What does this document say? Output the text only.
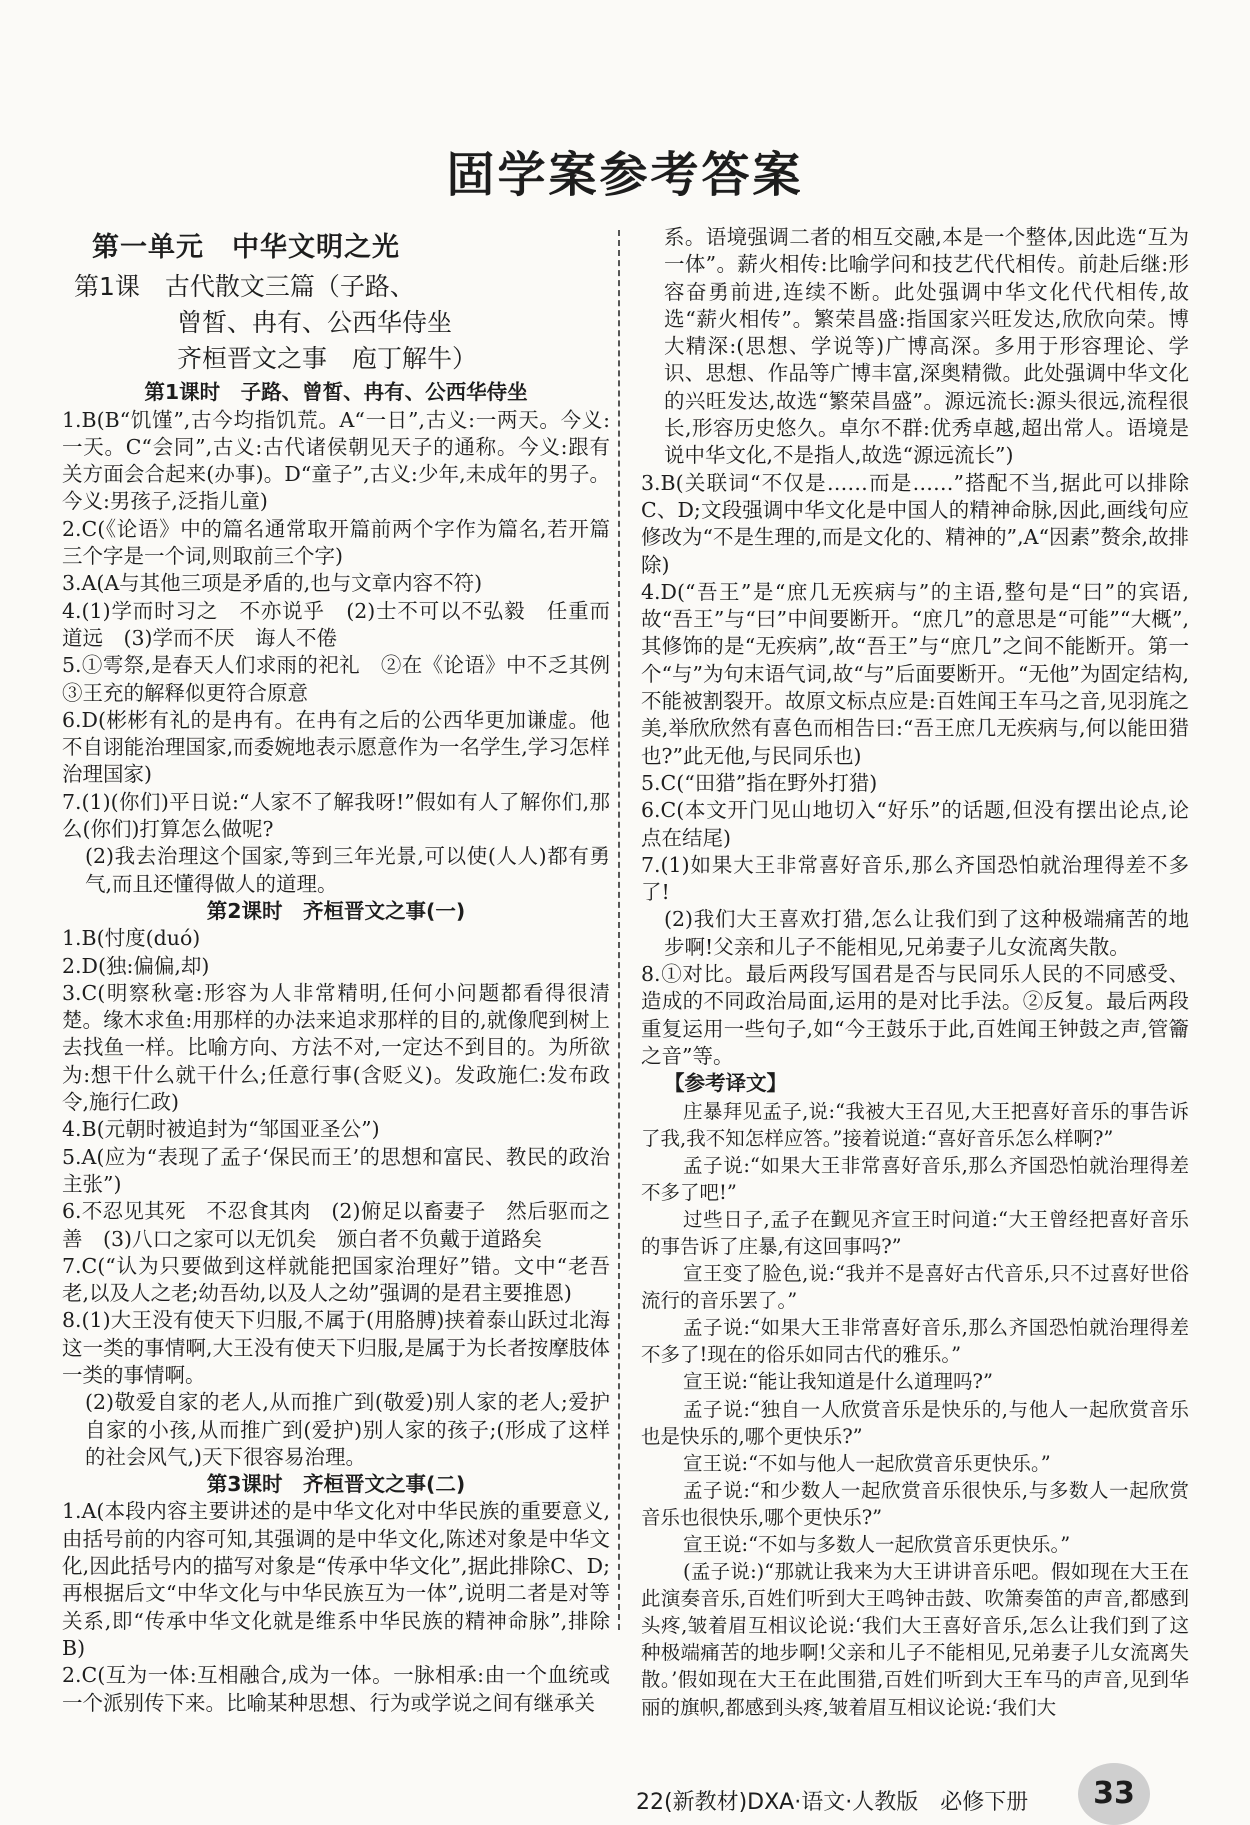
固学案参考答案
第一单元　中华文明之光
第1课　古代散文三篇（子路、
曾皙、冉有、公西华侍坐
齐桓晋文之事　庖丁解牛）
第1课时　子路、曾皙、冉有、公西华侍坐

1.B(B“饥馑”,古今均指饥荒。A“一日”,古义:一两天。今义:一天。C“会同”,古义:古代诸侯朝见天子的通称。今义:跟有关方面会合起来(办事)。D“童子”,古义:少年,未成年的男子。今义:男孩子,泛指儿童)

2.C(《论语》中的篇名通常取开篇前两个字作为篇名,若开篇三个字是一个词,则取前三个字)

3.A(A与其他三项是矛盾的,也与文章内容不符)

4.(1)学而时习之　不亦说乎　(2)士不可以不弘毅　任重而道远　(3)学而不厌　诲人不倦

5.①雩祭,是春天人们求雨的祀礼　②在《论语》中不乏其例　③王充的解释似更符合原意

6.D(彬彬有礼的是冉有。在冉有之后的公西华更加谦虚。他不自诩能治理国家,而委婉地表示愿意作为一名学生,学习怎样治理国家)

7.(1)(你们)平日说:“人家不了解我呀!”假如有人了解你们,那么(你们)打算怎么做呢?

(2)我去治理这个国家,等到三年光景,可以使(人人)都有勇气,而且还懂得做人的道理。

第2课时　齐桓晋文之事(一)

1.B(忖度(duó)

2.D(独:偏偏,却)

3.C(明察秋毫:形容为人非常精明,任何小问题都看得很清楚。缘木求鱼:用那样的办法来追求那样的目的,就像爬到树上去找鱼一样。比喻方向、方法不对,一定达不到目的。为所欲为:想干什么就干什么;任意行事(含贬义)。发政施仁:发布政令,施行仁政)

4.B(元朝时被追封为“邹国亚圣公”)

5.A(应为“表现了孟子‘保民而王’的思想和富民、教民的政治主张”)

6.不忍见其死　不忍食其肉　(2)俯足以畜妻子　然后驱而之善　(3)八口之家可以无饥矣　颁白者不负戴于道路矣

7.C(“认为只要做到这样就能把国家治理好”错。文中“老吾老,以及人之老;幼吾幼,以及人之幼”强调的是君主要推恩)

8.(1)大王没有使天下归服,不属于(用胳膊)挟着泰山跃过北海这一类的事情啊,大王没有使天下归服,是属于为长者按摩肢体一类的事情啊。

(2)敬爱自家的老人,从而推广到(敬爱)别人家的老人;爱护自家的小孩,从而推广到(爱护)别人家的孩子;(形成了这样的社会风气,)天下很容易治理。

第3课时　齐桓晋文之事(二)

1.A(本段内容主要讲述的是中华文化对中华民族的重要意义,由括号前的内容可知,其强调的是中华文化,陈述对象是中华文化,因此括号内的描写对象是“传承中华文化”,据此排除C、D;再根据后文“中华文化与中华民族互为一体”,说明二者是对等关系,即“传承中华文化就是维系中华民族的精神命脉”,排除B)

2.C(互为一体:互相融合,成为一体。一脉相承:由一个血统或一个派别传下来。比喻某种思想、行为或学说之间有继承关

系。语境强调二者的相互交融,本是一个整体,因此选“互为一体”。薪火相传:比喻学问和技艺代代相传。前赴后继:形容奋勇前进,连续不断。此处强调中华文化代代相传,故选“薪火相传”。繁荣昌盛:指国家兴旺发达,欣欣向荣。博大精深:(思想、学说等)广博高深。多用于形容理论、学识、思想、作品等广博丰富,深奥精微。此处强调中华文化的兴旺发达,故选“繁荣昌盛”。源远流长:源头很远,流程很长,形容历史悠久。卓尔不群:优秀卓越,超出常人。语境是说中华文化,不是指人,故选“源远流长”)

3.B(关联词“不仅是……而是……”搭配不当,据此可以排除C、D;文段强调中华文化是中国人的精神命脉,因此,画线句应修改为“不是生理的,而是文化的、精神的”,A“因素”赘余,故排除)

4.D(“吾王”是“庶几无疾病与”的主语,整句是“曰”的宾语,故“吾王”与“曰”中间要断开。“庶几”的意思是“可能”“大概”,其修饰的是“无疾病”,故“吾王”与“庶几”之间不能断开。第一个“与”为句末语气词,故“与”后面要断开。“无他”为固定结构,不能被割裂开。故原文标点应是:百姓闻王车马之音,见羽旄之美,举欣欣然有喜色而相告曰:“吾王庶几无疾病与,何以能田猎也?”此无他,与民同乐也)

5.C(“田猎”指在野外打猎)

6.C(本文开门见山地切入“好乐”的话题,但没有摆出论点,论点在结尾)

7.(1)如果大王非常喜好音乐,那么齐国恐怕就治理得差不多了!

(2)我们大王喜欢打猎,怎么让我们到了这种极端痛苦的地步啊!父亲和儿子不能相见,兄弟妻子儿女流离失散。

8.①对比。最后两段写国君是否与民同乐人民的不同感受、造成的不同政治局面,运用的是对比手法。②反复。最后两段重复运用一些句子,如“今王鼓乐于此,百姓闻王钟鼓之声,管籥之音”等。

【参考译文】

庄暴拜见孟子,说:“我被大王召见,大王把喜好音乐的事告诉了我,我不知怎样应答。”接着说道:“喜好音乐怎么样啊?”

孟子说:“如果大王非常喜好音乐,那么齐国恐怕就治理得差不多了吧!”

过些日子,孟子在觐见齐宣王时问道:“大王曾经把喜好音乐的事告诉了庄暴,有这回事吗?”

宣王变了脸色,说:“我并不是喜好古代音乐,只不过喜好世俗流行的音乐罢了。”

孟子说:“如果大王非常喜好音乐,那么齐国恐怕就治理得差不多了!现在的俗乐如同古代的雅乐。”

宣王说:“能让我知道是什么道理吗?”

孟子说:“独自一人欣赏音乐是快乐的,与他人一起欣赏音乐也是快乐的,哪个更快乐?”

宣王说:“不如与他人一起欣赏音乐更快乐。”

孟子说:“和少数人一起欣赏音乐很快乐,与多数人一起欣赏音乐也很快乐,哪个更快乐?”

宣王说:“不如与多数人一起欣赏音乐更快乐。”

(孟子说:)“那就让我来为大王讲讲音乐吧。假如现在大王在此演奏音乐,百姓们听到大王鸣钟击鼓、吹箫奏笛的声音,都感到头疼,皱着眉互相议论说:‘我们大王喜好音乐,怎么让我们到了这种极端痛苦的地步啊!父亲和儿子不能相见,兄弟妻子儿女流离失散。’假如现在大王在此围猎,百姓们听到大王车马的声音,见到华丽的旗帜,都感到头疼,皱着眉互相议论说:‘我们大

22(新教材)DXA·语文·人教版　必修下册	33
